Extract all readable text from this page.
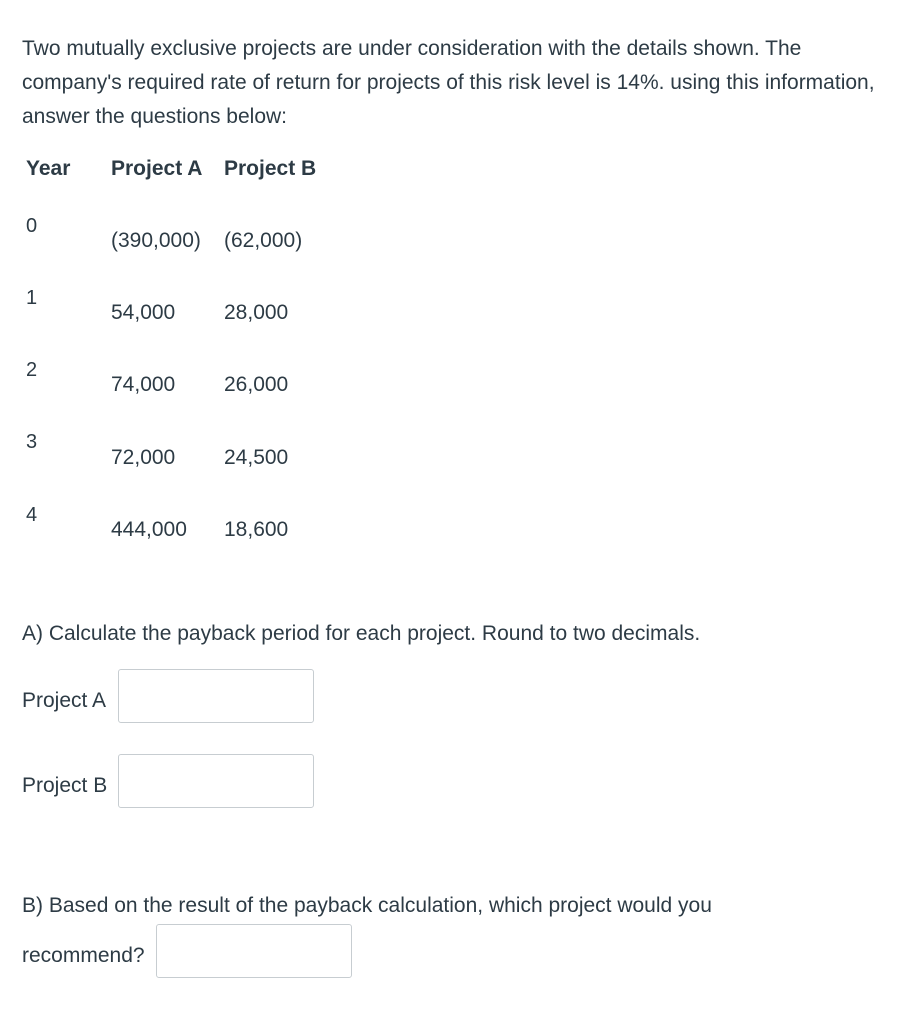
Two mutually exclusive projects are under consideration with the details shown. The company's required rate of return for projects of this risk level is 14%. using this information, answer the questions below:
Year Project A Project B
0
(390,000) (62,000)
1
54,000 28,000
2
74,000 26,000
3
72,000 24,500
4
444,000 18,600
A) Calculate the payback period for each project. Round to two decimals.
Project A
Project B
B) Based on the result of the payback calculation, which project would you
recommend?
